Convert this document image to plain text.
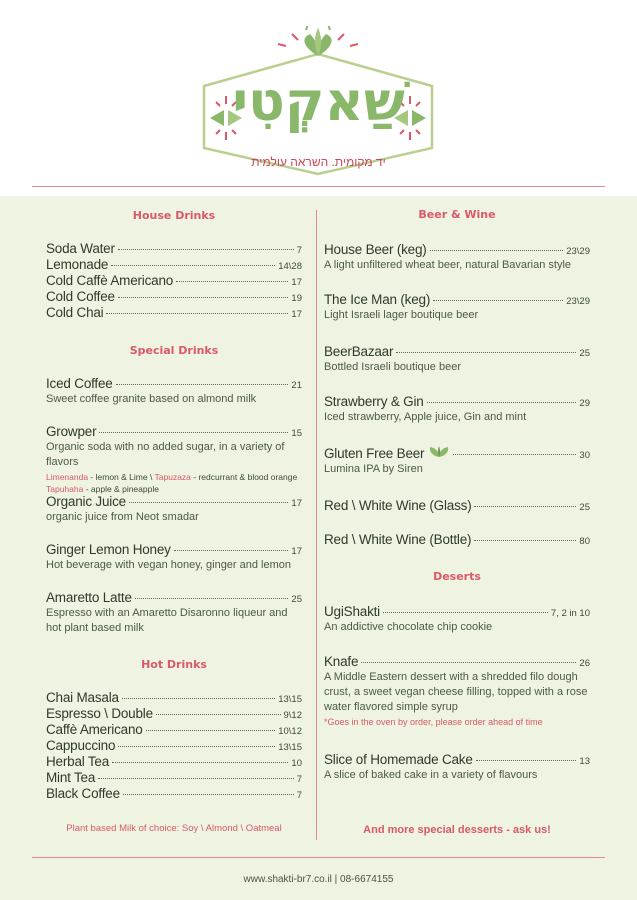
שַׁאקְטִי
יד מקומית. השראה עולמית
House Drinks
Soda Water	7
Lemonade	14\28
Cold Caffè Americano	17
Cold Coffee	19
Cold Chai	17
Special Drinks
Iced Coffee	21
Sweet coffee granite based on almond milk
Growper	15
Organic soda with no added sugar, in a variety of flavors
Limenanda - lemon & Lime \ Tapuzaza - redcurrant & blood orange Tapuhaha - apple & pineapple
Organic Juice	17
organic juice from Neot smadar
Ginger Lemon Honey	17
Hot beverage with vegan honey, ginger and lemon
Amaretto Latte	25
Espresso with an Amaretto Disaronno liqueur and hot plant based milk
Hot Drinks
Chai Masala	13\15
Espresso \ Double	9\12
Caffè Americano	10\12
Cappuccino	13\15
Herbal Tea	10
Mint Tea	7
Black Coffee	7
Plant based Milk of choice: Soy \ Almond \ Oatmeal
Beer & Wine
House Beer (keg)	23\29
A light unfiltered wheat beer, natural Bavarian style
The Ice Man (keg)	23\29
Light Israeli lager boutique beer
BeerBazaar	25
Bottled Israeli boutique beer
Strawberry & Gin	29
Iced strawberry, Apple juice, Gin and mint
Gluten Free Beer	30
Lumina IPA by Siren
Red \ White Wine (Glass)	25
Red \ White Wine (Bottle)	80
Deserts
UgiShakti	7, 2 in 10
An addictive chocolate chip cookie
Knafe	26
A Middle Eastern dessert with a shredded filo dough crust, a sweet vegan cheese filling, topped with a rose water flavored simple syrup
*Goes in the oven by order, please order ahead of time
Slice of Homemade Cake	13
A slice of baked cake in a variety of flavours
And more special desserts - ask us!
www.shakti-br7.co.il | 08-6674155
